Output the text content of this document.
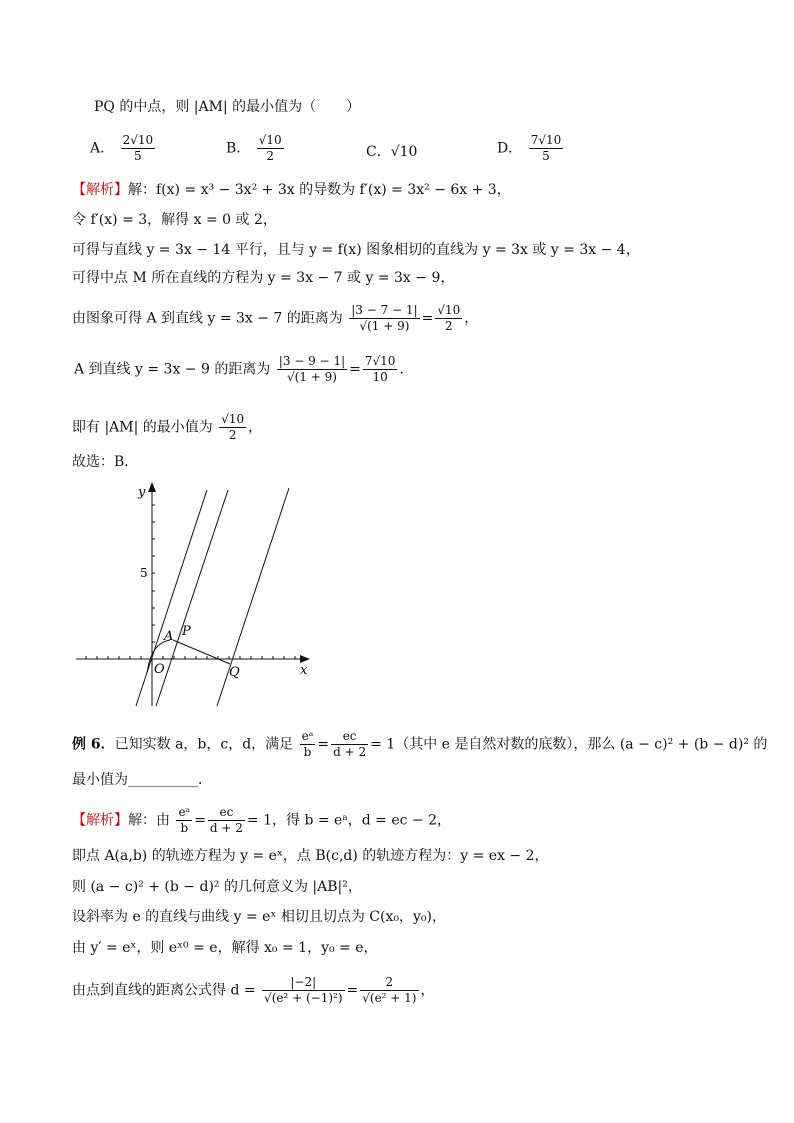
PQ 的中点，则 |AM| 的最小值为（ ）
A． $\frac{2√10}{5}$	B． $\frac{√10}{2}$	C．√10	D． $\frac{7√10}{5}$
【解析】解：f(x) = x³ − 3x² + 3x 的导数为 f′(x) = 3x² − 6x + 3，
令 f′(x) = 3，解得 x = 0 或 2，
可得与直线 y = 3x − 14 平行，且与 y = f(x) 图象相切的直线为 y = 3x 或 y = 3x − 4，
可得中点 M 所在直线的方程为 y = 3x − 7 或 y = 3x − 9，
由图象可得 A 到直线 y = 3x − 7 的距离为 $\frac{|3 - 7 - 1|}{√(1 + 9)} = \frac{√10}{2}$ ，
A 到直线 y = 3x − 9 的距离为 $\frac{|3 - 9 - 1|}{√(1 + 9)} = \frac{7√10}{10}$ ．
即有 |AM| 的最小值为 $\frac{√10}{2}$ ，
故选：B．
y
x
5
O
A P
Q
例 6．已知实数 a，b，c，d，满足 $\frac{\text{eᵃ}}{b} = \frac{ec}{d + 2} = 1$（其中 e 是自然对数的底数），那么 (a − c)² + (b − d)² 的
最小值为__________．
【解析】解：由 $\frac{\text{eᵃ}}{b} = \frac{ec}{d + 2} = 1$，得 b = eᵃ，d = ec − 2，
即点 A(a,b) 的轨迹方程为 y = eˣ，点 B(c,d) 的轨迹方程为：y = ex − 2，
则 (a − c)² + (b − d)² 的几何意义为 |AB|²，
设斜率为 e 的直线与曲线 y = eˣ 相切且切点为 C(x₀，y₀)，
由 y′ = eˣ，则 eˣ⁰ = e，解得 x₀ = 1，y₀ = e，
由点到直线的距离公式得 $d = \frac{|-2|}{\text{√(e² + (−1)²)}} = \frac{2}{\text{√(e² + 1)}}$ ，
